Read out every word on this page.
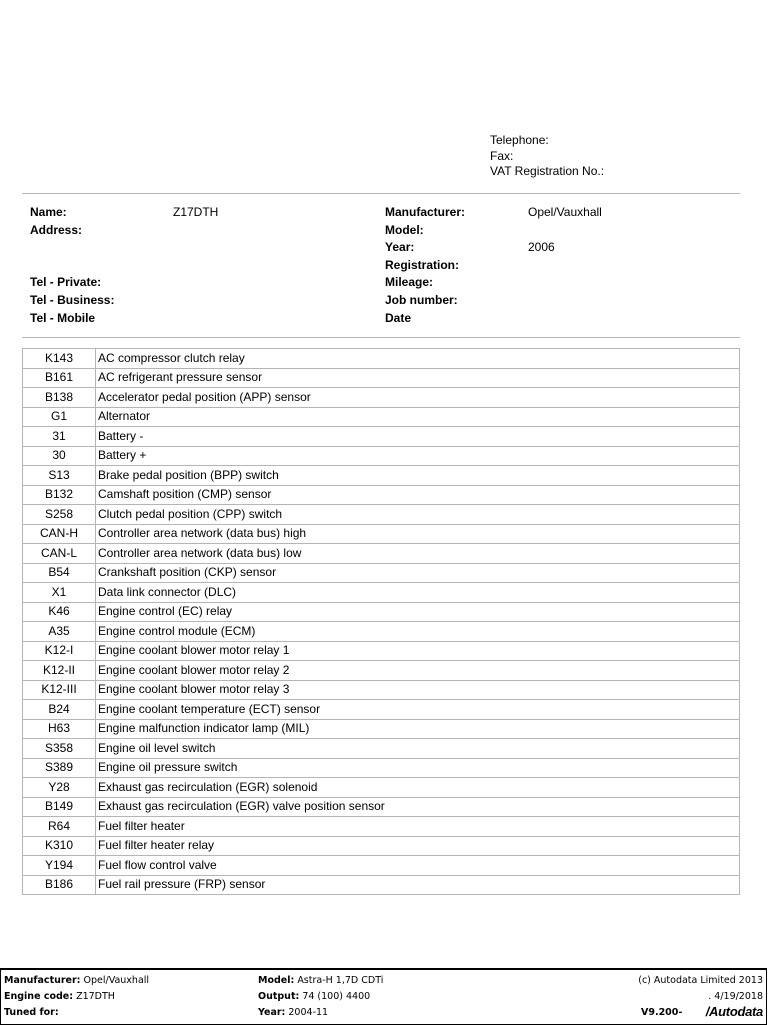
Telephone:
Fax:
VAT Registration No.:
Name:	Z17DTH
Address:
Tel - Private:
Tel - Business:
Tel - Mobile
Manufacturer:	Opel/Vauxhall
Model:
Year:	2006
Registration:
Mileage:
Job number:
Date
K143	AC compressor clutch relay
B161	AC refrigerant pressure sensor
B138	Accelerator pedal position (APP) sensor
G1	Alternator
31	Battery -
30	Battery +
S13	Brake pedal position (BPP) switch
B132	Camshaft position (CMP) sensor
S258	Clutch pedal position (CPP) switch
CAN-H	Controller area network (data bus) high
CAN-L	Controller area network (data bus) low
B54	Crankshaft position (CKP) sensor
X1	Data link connector (DLC)
K46	Engine control (EC) relay
A35	Engine control module (ECM)
K12-I	Engine coolant blower motor relay 1
K12-II	Engine coolant blower motor relay 2
K12-III	Engine coolant blower motor relay 3
B24	Engine coolant temperature (ECT) sensor
H63	Engine malfunction indicator lamp (MIL)
S358	Engine oil level switch
S389	Engine oil pressure switch
Y28	Exhaust gas recirculation (EGR) solenoid
B149	Exhaust gas recirculation (EGR) valve position sensor
R64	Fuel filter heater
K310	Fuel filter heater relay
Y194	Fuel flow control valve
B186	Fuel rail pressure (FRP) sensor
Manufacturer: Opel/Vauxhall
Engine code: Z17DTH
Tuned for:
Model: Astra-H 1,7D CDTi
Output: 74 (100) 4400
Year: 2004-11
(c) Autodata Limited 2013
. 4/19/2018
V9.200- /Autodata
